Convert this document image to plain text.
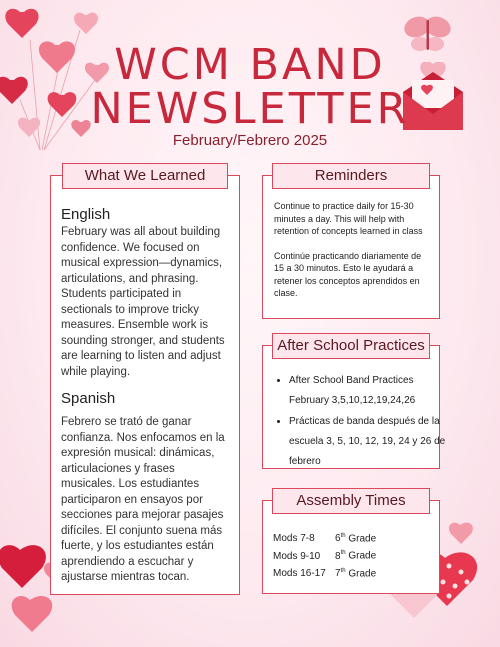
WCM BAND
NEWSLETTER
February/Febrero 2025
English

February was all about building confidence. We focused on musical expression—dynamics, articulations, and phrasing. Students participated in sectionals to improve tricky measures. Ensemble work is sounding stronger, and students are learning to listen and adjust while playing.

Spanish

Febrero se trató de ganar confianza. Nos enfocamos en la expresión musical: dinámicas, articulaciones y frases musicales. Los estudiantes participaron en ensayos por secciones para mejorar pasajes difíciles. El conjunto suena más fuerte, y los estudiantes están aprendiendo a escuchar y ajustarse mientras tocan.

What We Learned

Continue to practice daily for 15-30 minutes a day. This will help with retention of concepts learned in class

Continúe practicando diariamente de 15 a 30 minutos. Esto le ayudará a retener los conceptos aprendidos en clase.

Reminders
• After School Band Practices February 3,5,10,12,19,24,26
• Prácticas de banda después de la escuela 3, 5, 10, 12, 19, 24 y 26 de febrero
After School Practices
Mods 7-8 6th Grade
Mods 9-10 8th Grade
Mods 16-17 7th Grade
Assembly Times
